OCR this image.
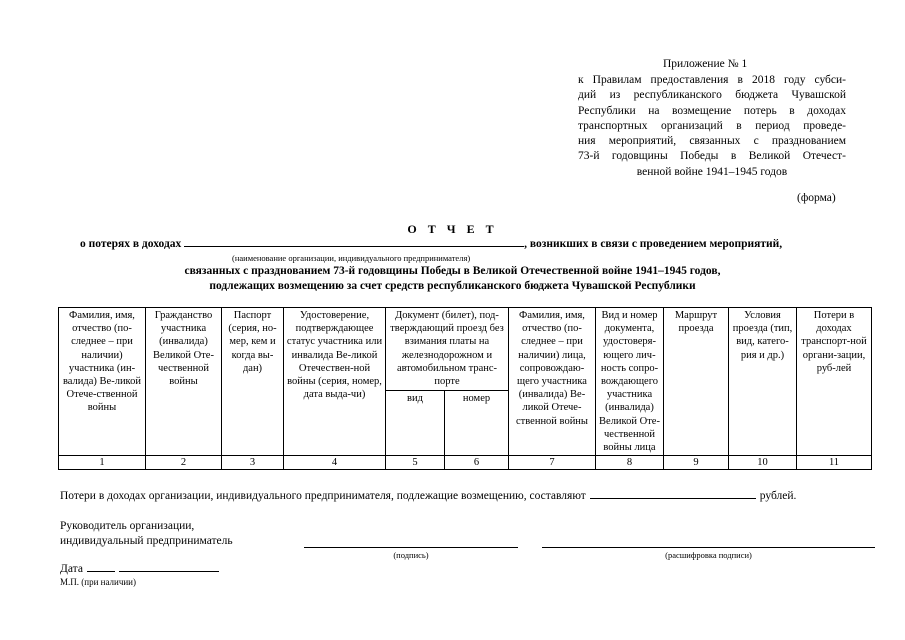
Приложение № 1
к Правилам предоставления в 2018 году субси-
дий из республиканского бюджета Чувашской
Республики на возмещение потерь в доходах
транспортных организаций в период проведе-
ния мероприятий, связанных с празднованием
73-й годовщины Победы в Великой Отечест-
венной войне 1941–1945 годов
(форма)
О Т Ч Е Т
о потерях в доходах	, возникших в связи с проведением мероприятий,
(наименование организации, индивидуального предпринимателя)
связанных с празднованием 73-й годовщины Победы в Великой Отечественной войне 1941–1945 годов,
подлежащих возмещению за счет средств республиканского бюджета Чувашской Республики
Фамилия, имя, отчество (по-следнее – при наличии) участника (ин-валида) Ве-ликой Отече-ственной войны	Гражданство участника (инвалида) Великой Оте-чественной войны	Паспорт (серия, но-мер, кем и когда вы-дан)	Удостоверение, подтверждающее статус участника или инвалида Ве-ликой Отечествен-ной войны (серия, номер, дата выда-чи)	Документ (билет), под-тверждающий проезд без взимания платы на железнодорожном и автомобильном транс-порте		Фамилия, имя, отчество (по-следнее – при наличии) лица, сопровождаю-щего участника (инвалида) Ве-ликой Отече-ственной войны	Вид и номер документа, удостоверя-ющего лич-ность сопро-вождающего участника (инвалида) Великой Оте-чественной войны лица	Маршрут проезда	Условия проезда (тип, вид, катего-рия и др.)	Потери в доходах транспорт-ной органи-зации, руб-лей
				вид	номер					
1	2	3	4	5	6	7	8	9	10	11
Потери в доходах организации, индивидуального предпринимателя, подлежащие возмещению, составляют	рублей.
Руководитель организации,
индивидуальный предприниматель
(подпись)	(расшифровка подписи)
Дата
М.П. (при наличии)
